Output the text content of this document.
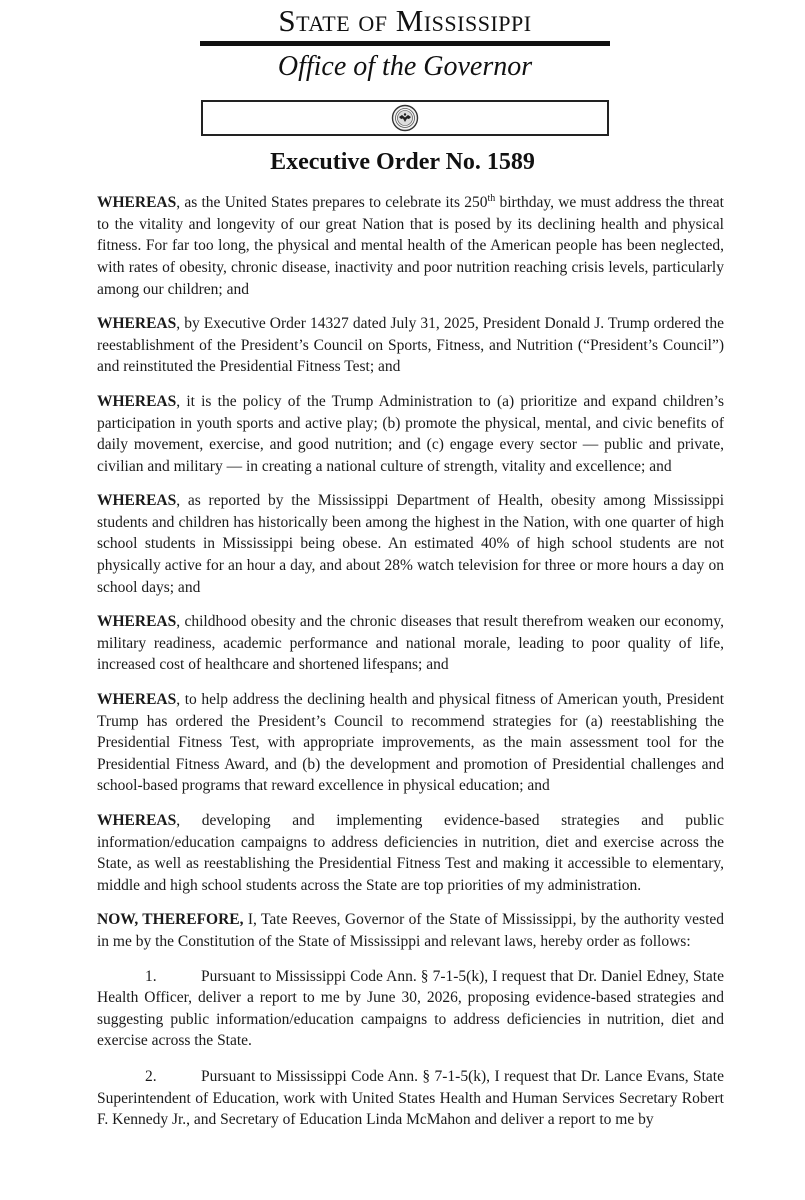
State of Mississippi
Office of the Governor
Executive Order No. 1589

WHEREAS, as the United States prepares to celebrate its 250th birthday, we must address the threat to the vitality and longevity of our great Nation that is posed by its declining health and physical fitness. For far too long, the physical and mental health of the American people has been neglected, with rates of obesity, chronic disease, inactivity and poor nutrition reaching crisis levels, particularly among our children; and

WHEREAS, by Executive Order 14327 dated July 31, 2025, President Donald J. Trump ordered the reestablishment of the President’s Council on Sports, Fitness, and Nutrition (“President’s Council”) and reinstituted the Presidential Fitness Test; and

WHEREAS, it is the policy of the Trump Administration to (a) prioritize and expand children’s participation in youth sports and active play; (b) promote the physical, mental, and civic benefits of daily movement, exercise, and good nutrition; and (c) engage every sector — public and private, civilian and military — in creating a national culture of strength, vitality and excellence; and

WHEREAS, as reported by the Mississippi Department of Health, obesity among Mississippi students and children has historically been among the highest in the Nation, with one quarter of high school students in Mississippi being obese. An estimated 40% of high school students are not physically active for an hour a day, and about 28% watch television for three or more hours a day on school days; and

WHEREAS, childhood obesity and the chronic diseases that result therefrom weaken our economy, military readiness, academic performance and national morale, leading to poor quality of life, increased cost of healthcare and shortened lifespans; and

WHEREAS, to help address the declining health and physical fitness of American youth, President Trump has ordered the President’s Council to recommend strategies for (a) reestablishing the Presidential Fitness Test, with appropriate improvements, as the main assessment tool for the Presidential Fitness Award, and (b) the development and promotion of Presidential challenges and school-based programs that reward excellence in physical education; and

WHEREAS, developing and implementing evidence-based strategies and public information/education campaigns to address deficiencies in nutrition, diet and exercise across the State, as well as reestablishing the Presidential Fitness Test and making it accessible to elementary, middle and high school students across the State are top priorities of my administration.

NOW, THEREFORE, I, Tate Reeves, Governor of the State of Mississippi, by the authority vested in me by the Constitution of the State of Mississippi and relevant laws, hereby order as follows:

1.	Pursuant to Mississippi Code Ann. § 7-1-5(k), I request that Dr. Daniel Edney, State Health Officer, deliver a report to me by June 30, 2026, proposing evidence-based strategies and suggesting public information/education campaigns to address deficiencies in nutrition, diet and exercise across the State.

2.	Pursuant to Mississippi Code Ann. § 7-1-5(k), I request that Dr. Lance Evans, State Superintendent of Education, work with United States Health and Human Services Secretary Robert F. Kennedy Jr., and Secretary of Education Linda McMahon and deliver a report to me by
